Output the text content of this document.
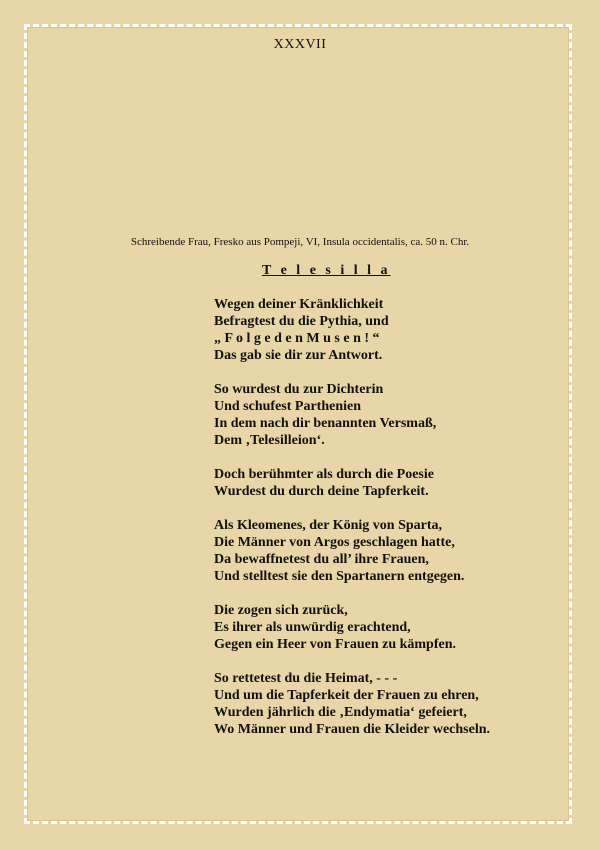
XXXVII
Schreibende Frau, Fresko aus Pompeji, VI, Insula occidentalis, ca. 50 n. Chr.
T e l e s i l l a
Wegen deiner Kränklichkeit
Befragtest du die Pythia, und
„ F o l g e d e n M u s e n ! “
Das gab sie dir zur Antwort.
So wurdest du zur Dichterin
Und schufest Parthenien
In dem nach dir benannten Versmaß,
Dem ‚Telesilleion‘.
Doch berühmter als durch die Poesie
Wurdest du durch deine Tapferkeit.
Als Kleomenes, der König von Sparta,
Die Männer von Argos geschlagen hatte,
Da bewaffnetest du all’ ihre Frauen,
Und stelltest sie den Spartanern entgegen.
Die zogen sich zurück,
Es ihrer als unwürdig erachtend,
Gegen ein Heer von Frauen zu kämpfen.
So rettetest du die Heimat, - - -
Und um die Tapferkeit der Frauen zu ehren,
Wurden jährlich die ‚Endymatia‘ gefeiert,
Wo Männer und Frauen die Kleider wechseln.
